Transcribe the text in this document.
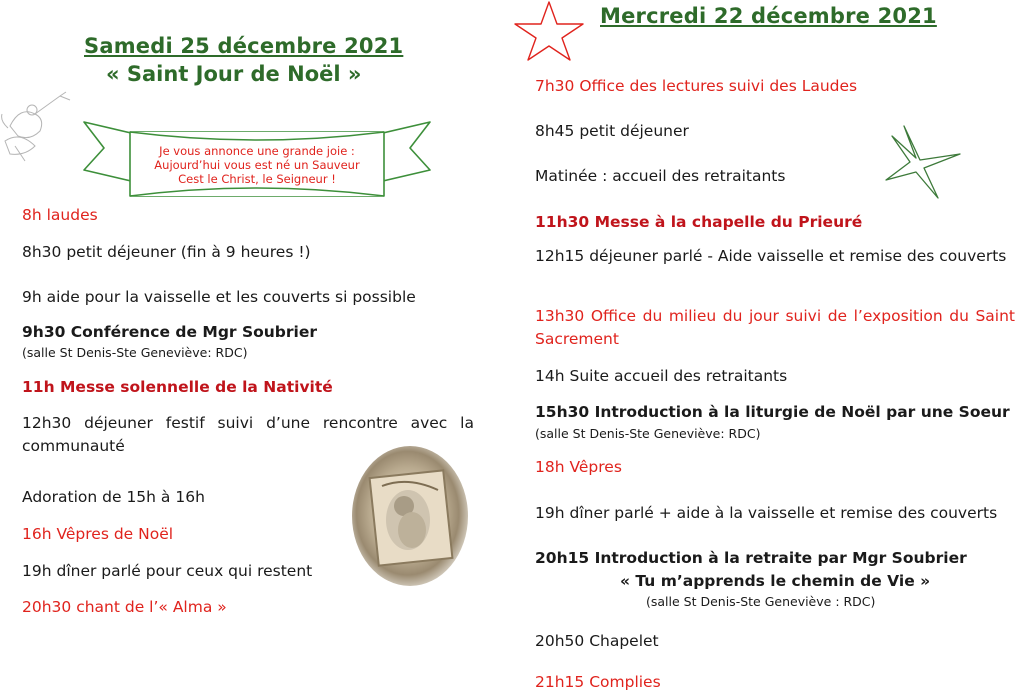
Samedi 25 décembre 2021
« Saint Jour de Noël »
Je vous annonce une grande joie :
Aujourd’hui vous est né un Sauveur
Cest le Christ, le Seigneur !
8h laudes
8h30 petit déjeuner (fin à 9 heures !)
9h aide pour la vaisselle et les couverts si possible
9h30 Conférence de Mgr Soubrier
(salle St Denis-Ste Geneviève: RDC)
11h Messe solennelle de la Nativité
12h30 déjeuner festif suivi d’une rencontre avec la communauté
Adoration de 15h à 16h
16h Vêpres de Noël
19h dîner parlé pour ceux qui restent
20h30 chant de l’« Alma »
Mercredi 22 décembre 2021
7h30 Office des lectures suivi des Laudes
8h45 petit déjeuner
Matinée : accueil des retraitants
11h30 Messe à la chapelle du Prieuré
12h15 déjeuner parlé - Aide vaisselle et remise des couverts
13h30 Office du milieu du jour suivi de l’exposition du Saint Sacrement
14h Suite accueil des retraitants
15h30 Introduction à la liturgie de Noël par une Soeur
(salle St Denis-Ste Geneviève: RDC)
18h Vêpres
19h dîner parlé + aide à la vaisselle et remise des couverts
20h15 Introduction à la retraite par Mgr Soubrier
« Tu m’apprends le chemin de Vie »
(salle St Denis-Ste Geneviève : RDC)
20h50 Chapelet
21h15 Complies
